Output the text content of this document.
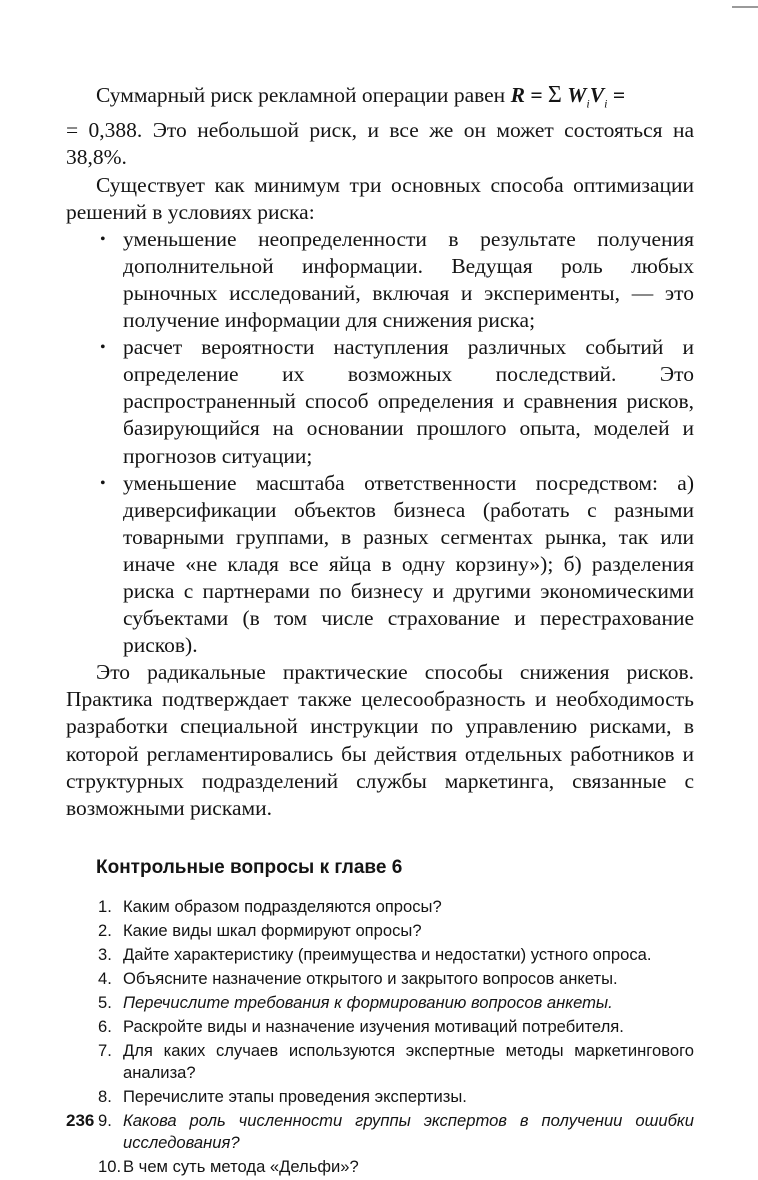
Суммарный риск рекламной операции равен R = Σ $W_iV_i$ =
= 0,388. Это небольшой риск, и все же он может состояться на 38,8%.

Существует как минимум три основных способа оптимизации решений в условиях риска:

• уменьшение неопределенности в результате получения дополнительной информации. Ведущая роль любых рыночных исследований, включая и эксперименты, — это получение информации для снижения риска;
• расчет вероятности наступления различных событий и определение их возможных последствий. Это распространенный способ определения и сравнения рисков, базирующийся на основании прошлого опыта, моделей и прогнозов ситуации;
• уменьшение масштаба ответственности посредством: а) диверсификации объектов бизнеса (работать с разными товарными группами, в разных сегментах рынка, так или иначе «не кладя все яйца в одну корзину»); б) разделения риска с партнерами по бизнесу и другими экономическими субъектами (в том числе страхование и перестрахование рисков).

Это радикальные практические способы снижения рисков. Практика подтверждает также целесообразность и необходимость разработки специальной инструкции по управлению рисками, в которой регламентировались бы действия отдельных работников и структурных подразделений службы маркетинга, связанные с возможными рисками.

Контрольные вопросы к главе 6
1. Каким образом подразделяются опросы?
2. Какие виды шкал формируют опросы?
3. Дайте характеристику (преимущества и недостатки) устного опроса.
4. Объясните назначение открытого и закрытого вопросов анкеты.
5. Перечислите требования к формированию вопросов анкеты.
6. Раскройте виды и назначение изучения мотиваций потребителя.
7. Для каких случаев используются экспертные методы маркетингового анализа?
8. Перечислите этапы проведения экспертизы.
9. Какова роль численности группы экспертов в получении ошибки исследования?
10. В чем суть метода «Дельфи»?
236
